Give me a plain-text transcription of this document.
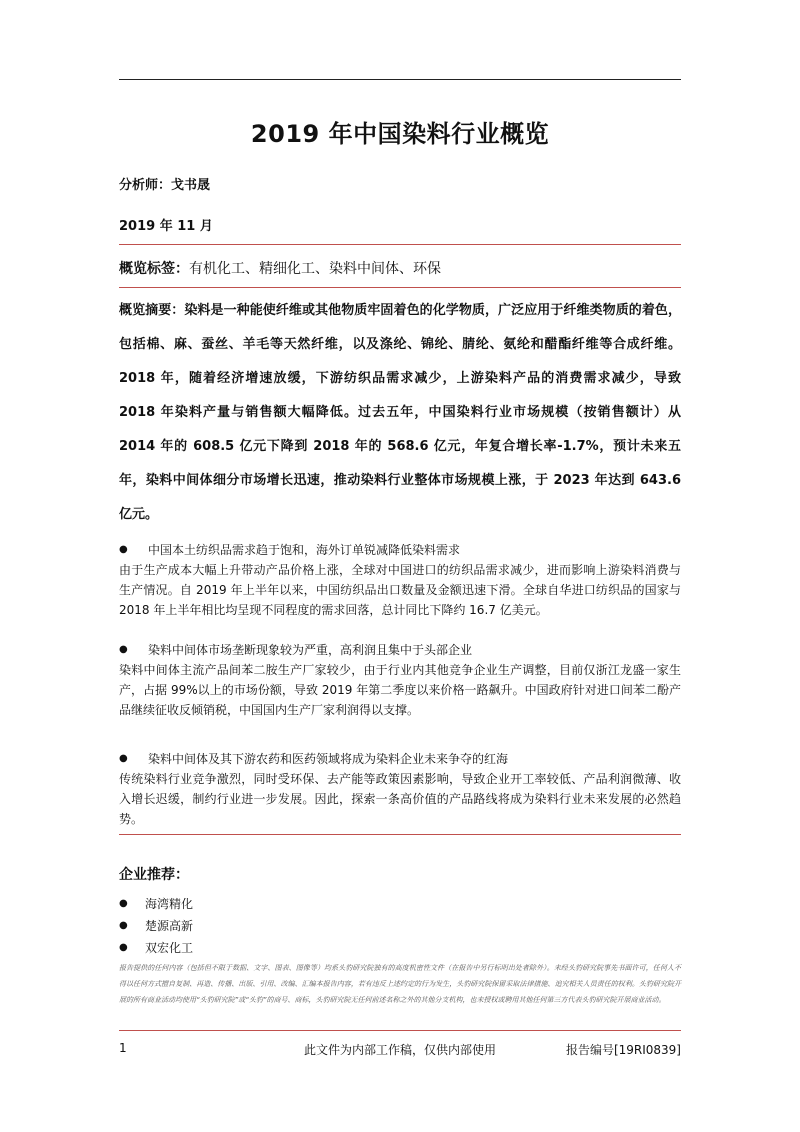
2019 年中国染料行业概览
分析师：戈书晟
2019 年 11 月
概览标签：有机化工、精细化工、染料中间体、环保
概览摘要：染料是一种能使纤维或其他物质牢固着色的化学物质，广泛应用于纤维类物质的着色，包括棉、麻、蚕丝、羊毛等天然纤维，以及涤纶、锦纶、腈纶、氨纶和醋酯纤维等合成纤维。2018 年，随着经济增速放缓，下游纺织品需求减少，上游染料产品的消费需求减少，导致 2018 年染料产量与销售额大幅降低。过去五年，中国染料行业市场规模（按销售额计）从 2014 年的 608.5 亿元下降到 2018 年的 568.6 亿元，年复合增长率-1.7%，预计未来五年，染料中间体细分市场增长迅速，推动染料行业整体市场规模上涨，于 2023 年达到 643.6 亿元。
●	中国本土纺织品需求趋于饱和，海外订单锐减降低染料需求
由于生产成本大幅上升带动产品价格上涨，全球对中国进口的纺织品需求减少，进而影响上游染料消费与生产情况。自 2019 年上半年以来，中国纺织品出口数量及金额迅速下滑。全球自华进口纺织品的国家与 2018 年上半年相比均呈现不同程度的需求回落，总计同比下降约 16.7 亿美元。
●	染料中间体市场垄断现象较为严重，高利润且集中于头部企业
染料中间体主流产品间苯二胺生产厂家较少，由于行业内其他竞争企业生产调整，目前仅浙江龙盛一家生产，占据 99%以上的市场份额，导致 2019 年第二季度以来价格一路飙升。中国政府针对进口间苯二酚产品继续征收反倾销税，中国国内生产厂家利润得以支撑。
●	染料中间体及其下游农药和医药领域将成为染料企业未来争夺的红海
传统染料行业竞争激烈，同时受环保、去产能等政策因素影响，导致企业开工率较低、产品利润微薄、收入增长迟缓，制约行业进一步发展。因此，探索一条高价值的产品路线将成为染料行业未来发展的必然趋势。
企业推荐：
●	海湾精化
●	楚源高新
●	双宏化工
报告提供的任何内容（包括但不限于数据、文字、图表、图像等）均系头豹研究院独有的高度机密性文件（在报告中另行标明出处者除外）。未经头豹研究院事先书面许可，任何人不得以任何方式擅自复制、再造、传播、出版、引用、改编、汇编本报告内容，若有违反上述约定的行为发生，头豹研究院保留采取法律措施、追究相关人员责任的权利。头豹研究院开展的所有商业活动均使用“头豹研究院”或“头豹”的商号、商标，头豹研究院无任何前述名称之外的其他分支机构，也未授权或聘用其他任何第三方代表头豹研究院开展商业活动。
1	此文件为内部工作稿，仅供内部使用	报告编号[19RI0839]
